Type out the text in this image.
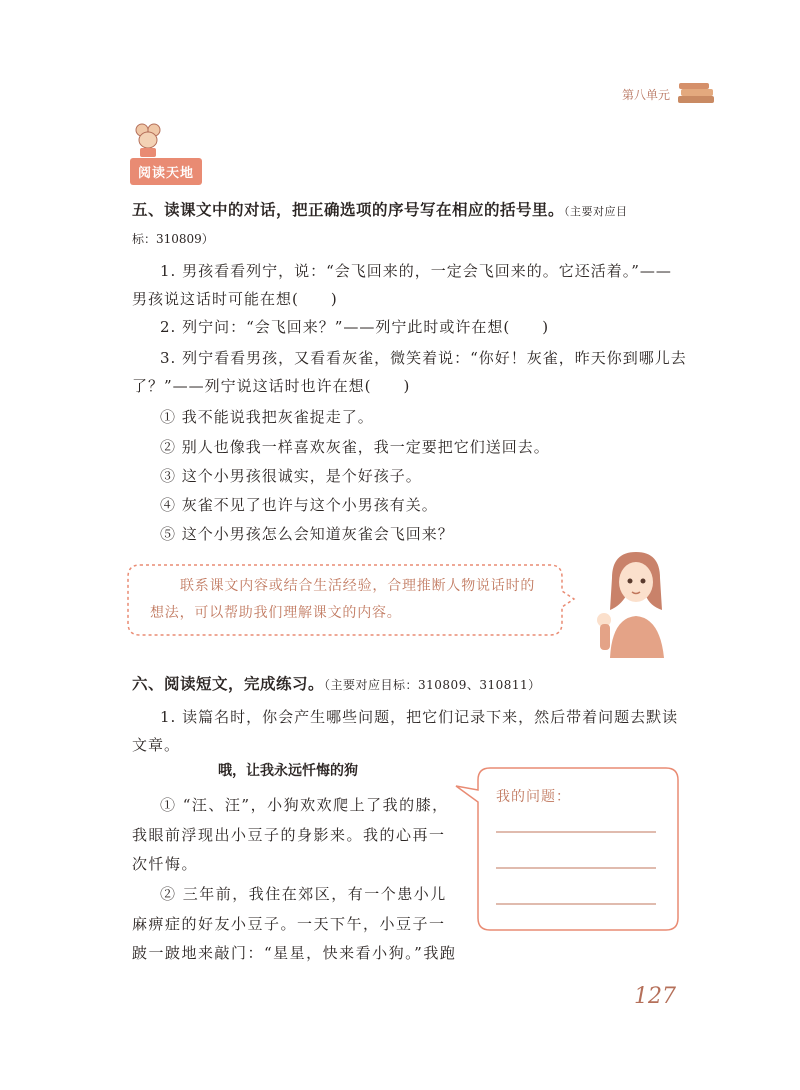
第八单元
阅读天地
五、读课文中的对话，把正确选项的序号写在相应的括号里。（主要对应目
标：310809）
1. 男孩看看列宁，说：“会飞回来的，一定会飞回来的。它还活着。”——
男孩说这话时可能在想(　　)
2. 列宁问：“会飞回来？”——列宁此时或许在想(　　)
3. 列宁看看男孩，又看看灰雀，微笑着说：“你好！灰雀，昨天你到哪儿去
了？”——列宁说这话时也许在想(　　)
① 我不能说我把灰雀捉走了。
② 别人也像我一样喜欢灰雀，我一定要把它们送回去。
③ 这个小男孩很诚实，是个好孩子。
④ 灰雀不见了也许与这个小男孩有关。
⑤ 这个小男孩怎么会知道灰雀会飞回来？
联系课文内容或结合生活经验，合理推断人物说话时的
想法，可以帮助我们理解课文的内容。
六、阅读短文，完成练习。（主要对应目标：310809、310811）
1. 读篇名时，你会产生哪些问题，把它们记录下来，然后带着问题去默读
文章。
哦，让我永远忏悔的狗
① “汪、汪”，小狗欢欢爬上了我的膝，
我眼前浮现出小豆子的身影来。我的心再一
次忏悔。
② 三年前，我住在郊区，有一个患小儿
麻痹症的好友小豆子。一天下午，小豆子一
跛一跛地来敲门：“星星，快来看小狗。”我跑
我的问题：
127
